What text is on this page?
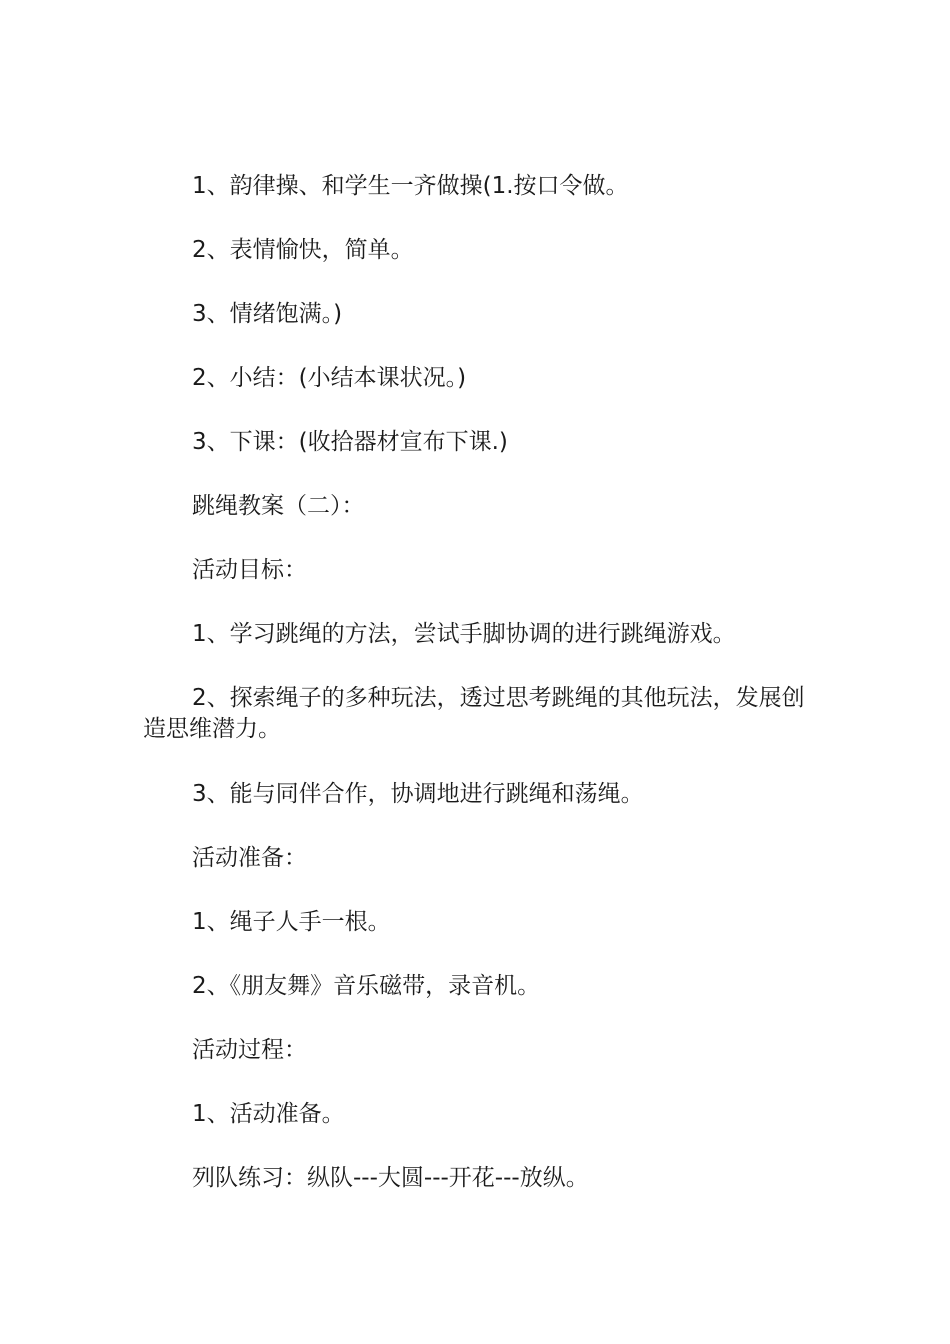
1、韵律操、和学生一齐做操(1.按口令做。

2、表情愉快，简单。

3、情绪饱满。)

2、小结：(小结本课状况。)

3、下课：(收拾器材宣布下课.)

跳绳教案（二）：

活动目标：

1、学习跳绳的方法，尝试手脚协调的进行跳绳游戏。

2、探索绳子的多种玩法，透过思考跳绳的其他玩法，发展创造思维潜力。

3、能与同伴合作，协调地进行跳绳和荡绳。

活动准备：

1、绳子人手一根。

2、《朋友舞》音乐磁带，录音机。

活动过程：

1、活动准备。

列队练习：纵队---大圆---开花---放纵。
